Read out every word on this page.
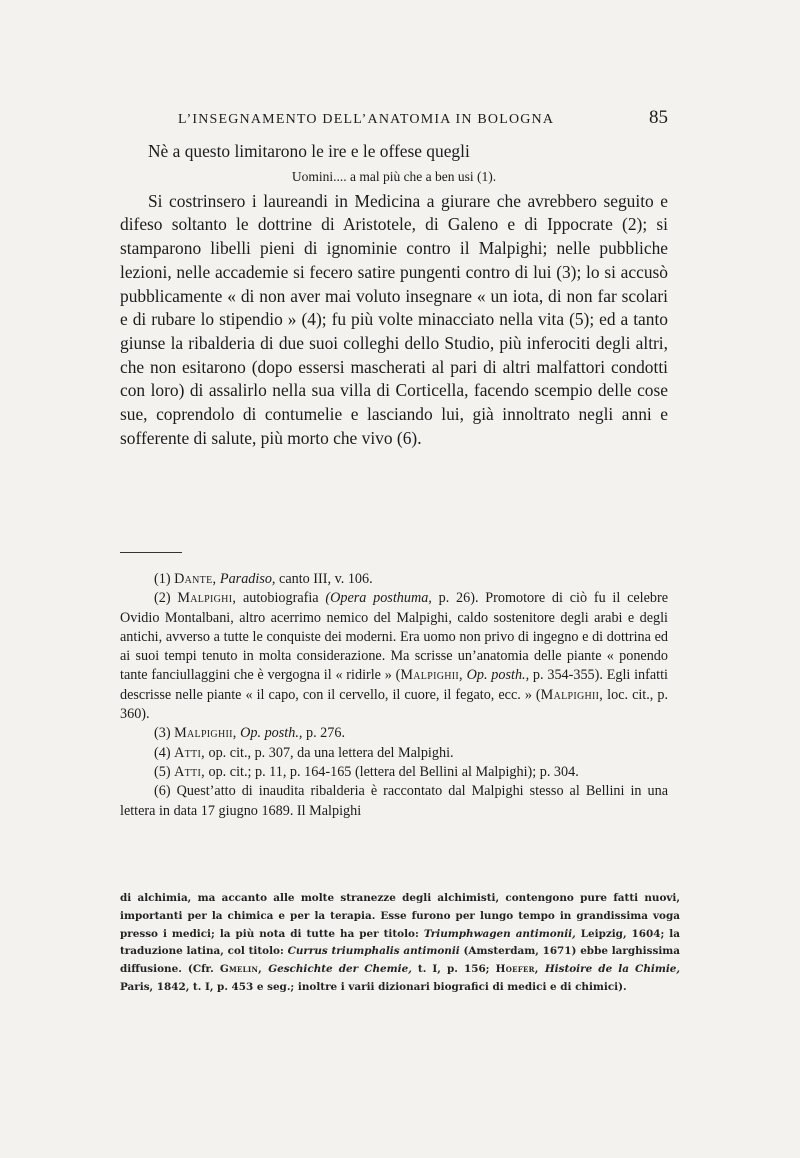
L’INSEGNAMENTO DELL’ANATOMIA IN BOLOGNA	85

Nè a questo limitarono le ire e le offese quegli

Uomini.... a mal più che a ben usi (1).

Si costrinsero i laureandi in Medicina a giurare che avrebbero seguito e difeso soltanto le dottrine di Aristotele, di Galeno e di Ippocrate (2); si stamparono libelli pieni di ignominie contro il Malpighi; nelle pubbliche lezioni, nelle accademie si fecero satire pungenti contro di lui (3); lo si accusò pubblicamente « di non aver mai voluto insegnare « un iota, di non far scolari e di rubare lo stipendio » (4); fu più volte minacciato nella vita (5); ed a tanto giunse la ribalderia di due suoi colleghi dello Studio, più inferociti degli altri, che non esitarono (dopo essersi mascherati al pari di altri malfattori condotti con loro) di assalirlo nella sua villa di Corticella, facendo scempio delle cose sue, coprendolo di contumelie e lasciando lui, già innoltrato negli anni e sofferente di salute, più morto che vivo (6).

(1) Dante, Paradiso, canto III, v. 106.

(2) Malpighi, autobiografia (Opera posthuma, p. 26). Promotore di ciò fu il celebre Ovidio Montalbani, altro acerrimo nemico del Malpighi, caldo sostenitore degli arabi e degli antichi, avverso a tutte le conquiste dei moderni. Era uomo non privo di ingegno e di dottrina ed ai suoi tempi tenuto in molta considerazione. Ma scrisse un’anatomia delle piante « ponendo tante fanciullaggini che è vergogna il « ridirle » (Malpighii, Op. posth., p. 354-355). Egli infatti descrisse nelle piante « il capo, con il cervello, il cuore, il fegato, ecc. » (Malpighii, loc. cit., p. 360).

(3) Malpighii, Op. posth., p. 276.

(4) Atti, op. cit., p. 307, da una lettera del Malpighi.

(5) Atti, op. cit.; p. 11, p. 164-165 (lettera del Bellini al Malpighi); p. 304.

(6) Quest’atto di inaudita ribalderia è raccontato dal Malpighi stesso al Bellini in una lettera in data 17 giugno 1689. Il Malpighi

di alchimia, ma accanto alle molte stranezze degli alchimisti, contengono pure fatti nuovi, importanti per la chimica e per la terapia. Esse furono per lungo tempo in grandissima voga presso i medici; la più nota di tutte ha per titolo: Triumphwagen antimonii, Leipzig, 1604; la traduzione latina, col titolo: Currus triumphalis antimonii (Amsterdam, 1671) ebbe larghissima diffusione. (Cfr. Gmelin, Geschichte der Chemie, t. I, p. 156; Hoefer, Histoire de la Chimie, Paris, 1842, t. I, p. 453 e seg.; inoltre i varii dizionari biografici di medici e di chimici).
